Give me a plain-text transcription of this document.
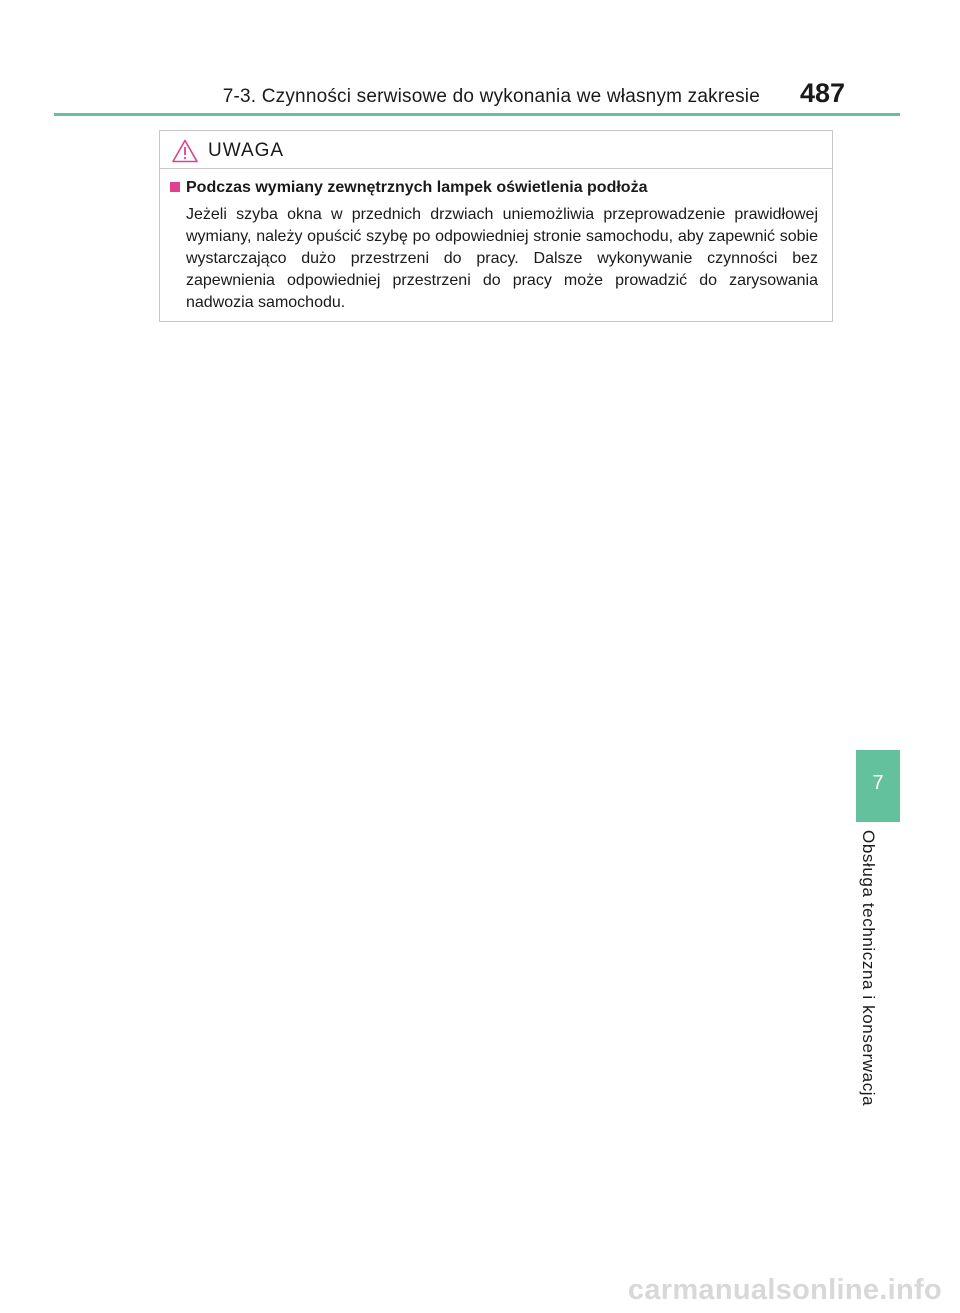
7-3. Czynności serwisowe do wykonania we własnym zakresie 487
UWAGA
Podczas wymiany zewnętrznych lampek oświetlenia podłoża
Jeżeli szyba okna w przednich drzwiach uniemożliwia przeprowadzenie prawidłowej wymiany, należy opuścić szybę po odpowiedniej stronie samochodu, aby zapewnić sobie wystarczająco dużo przestrzeni do pracy. Dalsze wykonywanie czynności bez zapewnienia odpowiedniej przestrzeni do pracy może prowadzić do zarysowania nadwozia samochodu.
7
Obsługa techniczna i konserwacja
carmanualsonline.info
